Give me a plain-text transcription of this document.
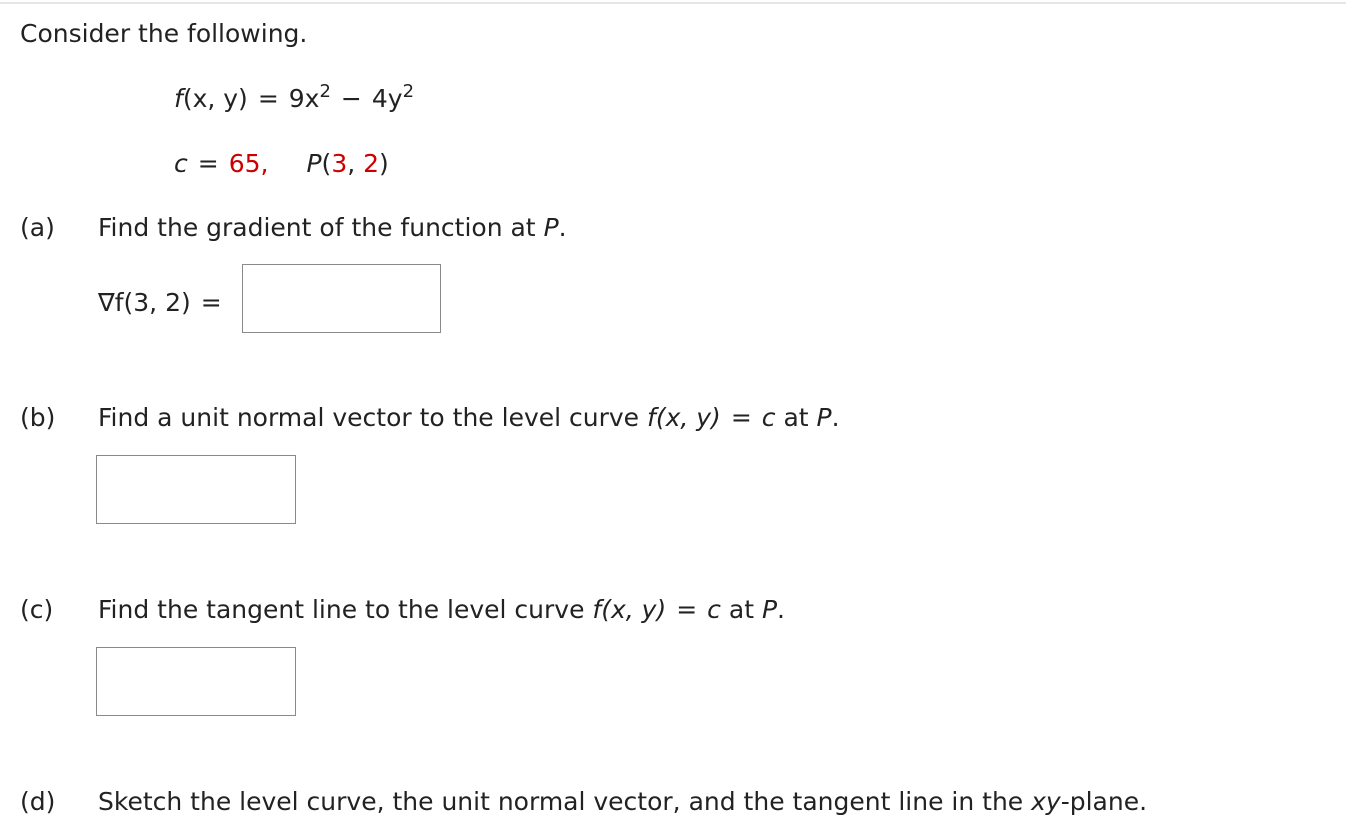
Consider the following.
f(x, $y) = 9x^2 - 4y^2$
c = 65, P(3, 2)
(a) Find the gradient of the function at P.
∇f(3, 2) =
(b) Find a unit normal vector to the level curve f(x, y) = c at P.
(c) Find the tangent line to the level curve f(x, y) = c at P.
(d) Sketch the level curve, the unit normal vector, and the tangent line in the xy-plane.
